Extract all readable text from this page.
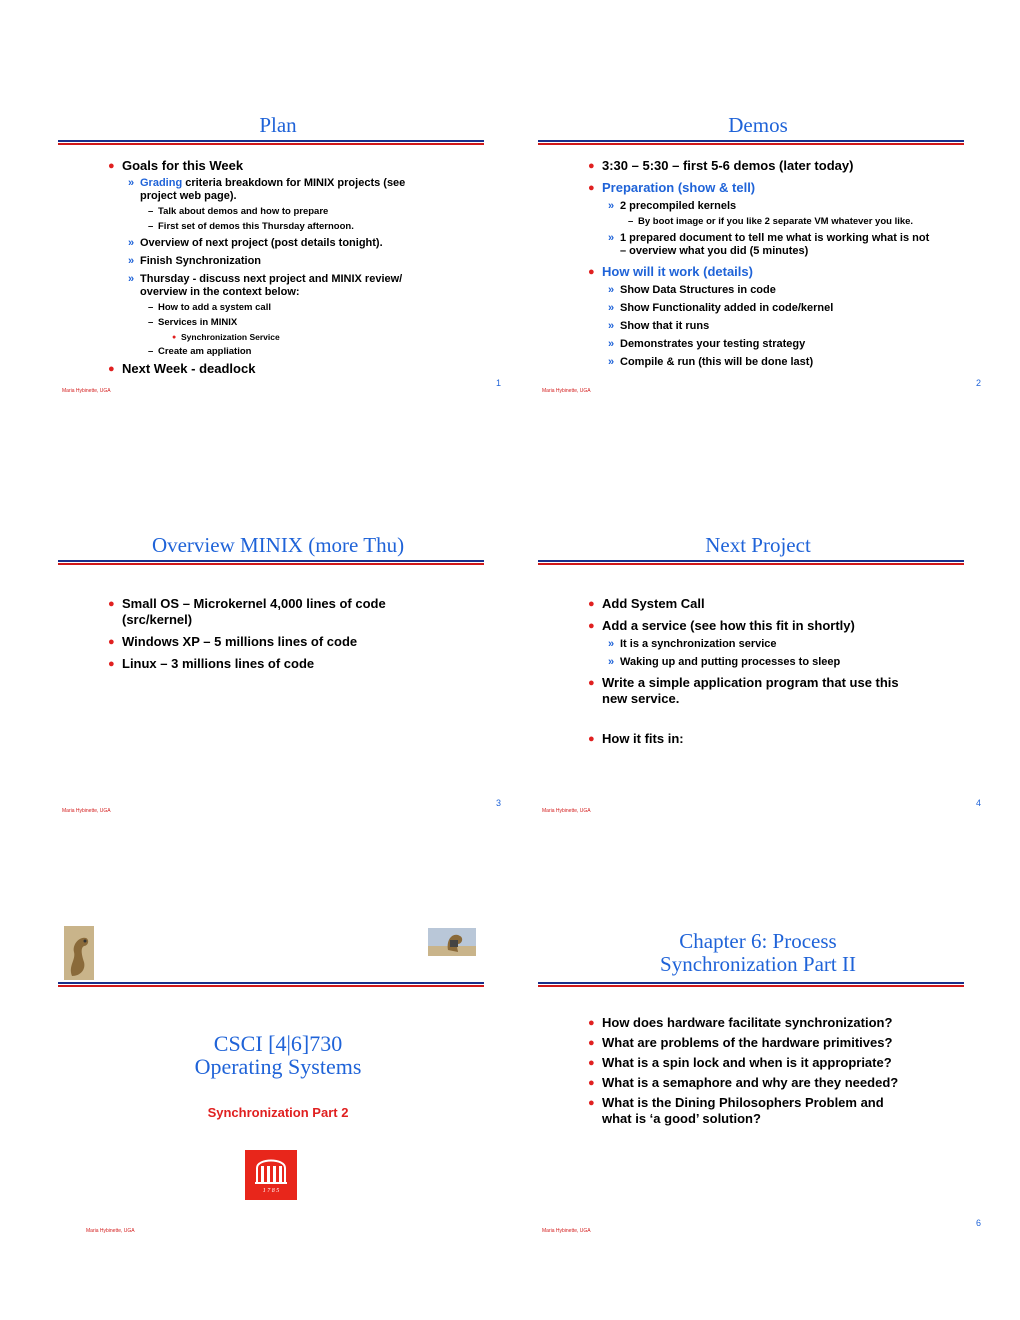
Plan
● Goals for this Week
» Grading criteria breakdown for MINIX projects (see project web page).
– Talk about demos and how to prepare
– First set of demos this Thursday afternoon.
» Overview of next project (post details tonight).
» Finish Synchronization
» Thursday - discuss next project and MINIX review/ overview in the context below:
– How to add a system call
– Services in MINIX
● Synchronization Service
– Create am appliation
● Next Week - deadlock
Maria Hybinette, UGA
1
Demos
● 3:30 – 5:30 – first 5-6 demos (later today)
● Preparation (show & tell)
» 2 precompiled kernels
– By boot image or if you like 2 separate VM whatever you like.
» 1 prepared document to tell me what is working what is not – overview what you did (5 minutes)
● How will it work (details)
» Show Data Structures in code
» Show Functionality added in code/kernel
» Show that it runs
» Demonstrates your testing strategy
» Compile & run (this will be done last)
Maria Hybinette, UGA
2
Overview MINIX (more Thu)
● Small OS – Microkernel 4,000 lines of code (src/kernel)
● Windows XP – 5 millions lines of code
● Linux – 3 millions lines of code
Maria Hybinette, UGA
3
Next Project
● Add System Call
● Add a service (see how this fit in shortly)
» It is a synchronization service
» Waking up and putting processes to sleep
● Write a simple application program that use this new service.
● How it fits in:
Maria Hybinette, UGA
4
CSCI [4|6]730
Operating Systems
Synchronization Part 2
1 7 8 5
Maria Hybinette, UGA
Chapter 6: Process
Synchronization Part II
● How does hardware facilitate synchronization?
● What are problems of the hardware primitives?
● What is a spin lock and when is it appropriate?
● What is a semaphore and why are they needed?
● What is the Dining Philosophers Problem and what is ‘a good’ solution?
Maria Hybinette, UGA
6
